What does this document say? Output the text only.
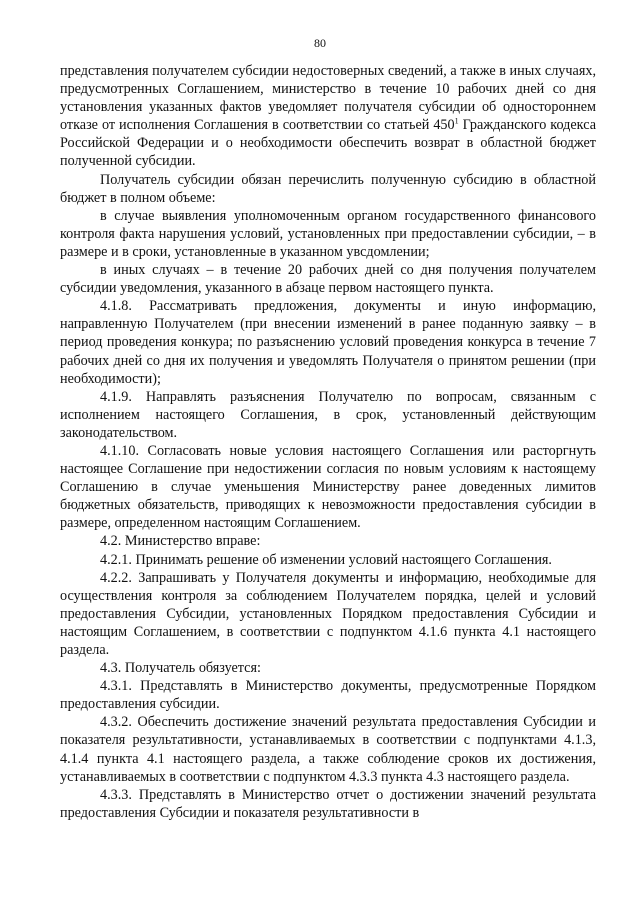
80

представления получателем субсидии недостоверных сведений, а также в иных случаях, предусмотренных Соглашением, министерство в течение 10 рабочих дней со дня установления указанных фактов уведомляет получателя субсидии об одностороннем отказе от исполнения Соглашения в соответствии со статьей $450^1$ Гражданского кодекса Российской Федерации и о необходимости обеспечить возврат в областной бюджет полученной субсидии.

Получатель субсидии обязан перечислить полученную субсидию в областной бюджет в полном объеме:

в случае выявления уполномоченным органом государственного финансового контроля факта нарушения условий, установленных при предоставлении субсидии, – в размере и в сроки, установленные в указанном увсдомлении;

в иных случаях – в течение 20 рабочих дней со дня получения получателем субсидии уведомления, указанного в абзаце первом настоящего пункта.

4.1.8. Рассматривать предложения, документы и иную информацию, направленную Получателем (при внесении изменений в ранее поданную заявку – в период проведения конкура; по разъяснению условий проведения конкурса в течение 7 рабочих дней со дня их получения и уведомлять Получателя о принятом решении (при необходимости);

4.1.9. Направлять разъяснения Получателю по вопросам, связанным с исполнением настоящего Соглашения, в срок, установленный действующим законодательством.

4.1.10. Согласовать новые условия настоящего Соглашения или расторгнуть настоящее Соглашение при недостижении согласия по новым условиям к настоящему Соглашению в случае уменьшения Министерству ранее доведенных лимитов бюджетных обязательств, приводящих к невозможности предоставления субсидии в размере, определенном настоящим Соглашением.

4.2. Министерство вправе:

4.2.1. Принимать решение об изменении условий настоящего Соглашения.

4.2.2. Запрашивать у Получателя документы и информацию, необходимые для осуществления контроля за соблюдением Получателем порядка, целей и условий предоставления Субсидии, установленных Порядком предоставления Субсидии и настоящим Соглашением, в соответствии с подпунктом 4.1.6 пункта 4.1 настоящего раздела.

4.3. Получатель обязуется:

4.3.1. Представлять в Министерство документы, предусмотренные Порядком предоставления субсидии.

4.3.2. Обеспечить достижение значений результата предоставления Субсидии и показателя результативности, устанавливаемых в соответствии с подпунктами 4.1.3, 4.1.4 пункта 4.1 настоящего раздела, а также соблюдение сроков их достижения, устанавливаемых в соответствии с подпунктом 4.3.3 пункта 4.3 настоящего раздела.

4.3.3. Представлять в Министерство отчет о достижении значений результата предоставления Субсидии и показателя результативности в
